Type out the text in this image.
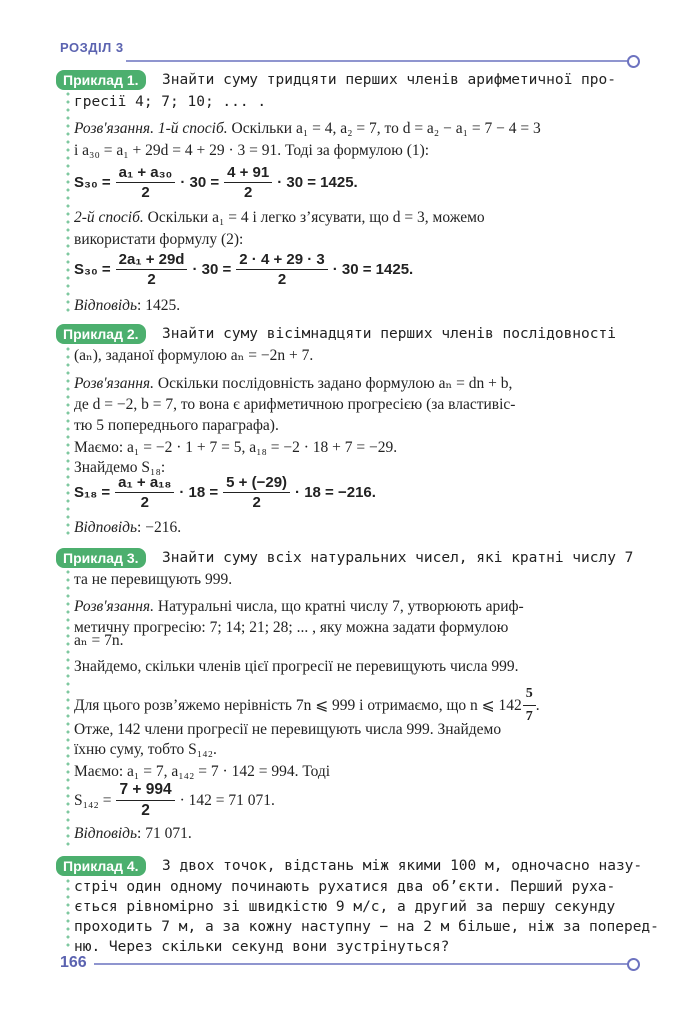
РОЗДІЛ 3
Приклад 1.	Знайти суму тридцяти перших членів арифметичної про-
гресії 4; 7; 10; ... .
Розв'язання. 1-й спосіб. Оскільки a₁ = 4, a₂ = 7, то d = a₂ − a₁ = 7 − 4 = 3
і a₃₀ = a₁ + 29d = 4 + 29 · 3 = 91. Тоді за формулою (1):
$S_{30} = \frac{\text{a₁ + a₃₀}}{2} \cdot 30 = \frac{4 + 91}{2} \cdot 30 = 1425$.
2-й спосіб. Оскільки a₁ = 4 і легко з’ясувати, що d = 3, можемо
використати формулу (2):
$S_{30} = \frac{\text{2a₁ + 29d}}{2} \cdot 30 = \frac{2 \cdot 4 + 29 \cdot 3}{2} \cdot 30 = 1425$.
Відповідь: 1425.
Приклад 2.	Знайти суму вісімнадцяти перших членів послідовності
(aₙ), заданої формулою aₙ = −2n + 7.
Розв'язання. Оскільки послідовність задано формулою aₙ = dn + b,
де d = −2, b = 7, то вона є арифметичною прогресією (за властивіс-
тю 5 попереднього параграфа).
Маємо: a₁ = −2 · 1 + 7 = 5, a₁₈ = −2 · 18 + 7 = −29.
Знайдемо S₁₈:
$S_{18} = \frac{\text{a₁ + a₁₈}}{2} \cdot 18 = \frac{5 + (-29)}{2} \cdot 18 = -216$.
Відповідь: −216.
Приклад 3.	Знайти суму всіх натуральних чисел, які кратні числу 7
та не перевищують 999.
Розв'язання. Натуральні числа, що кратні числу 7, утворюють ариф-
метичну прогресію: 7; 14; 21; 28; ... , яку можна задати формулою
aₙ = 7n.
Знайдемо, скільки членів цієї прогресії не перевищують числа 999.
Для цього розв’яжемо нерівність 7n ⩽ 999 і отримаємо, що n ⩽ $142 \frac{5}{7}$ .
Отже, 142 члени прогресії не перевищують числа 999. Знайдемо
їхню суму, тобто S₁₄₂.
Маємо: a₁ = 7, a₁₄₂ = 7 · 142 = 994. Тоді
$S_{142} = \frac{7 + 994}{2} \cdot 142 = 71$ 071.
Відповідь: 71 071.
Приклад 4.	З двох точок, відстань між якими 100 м, одночасно назу-
стріч один одному починають рухатися два об’єкти. Перший руха-
ється рівномірно зі швидкістю 9 м/с, а другий за першу секунду
проходить 7 м, а за кожну наступну − на 2 м більше, ніж за поперед-
ню. Через скільки секунд вони зустрінуться?
166
